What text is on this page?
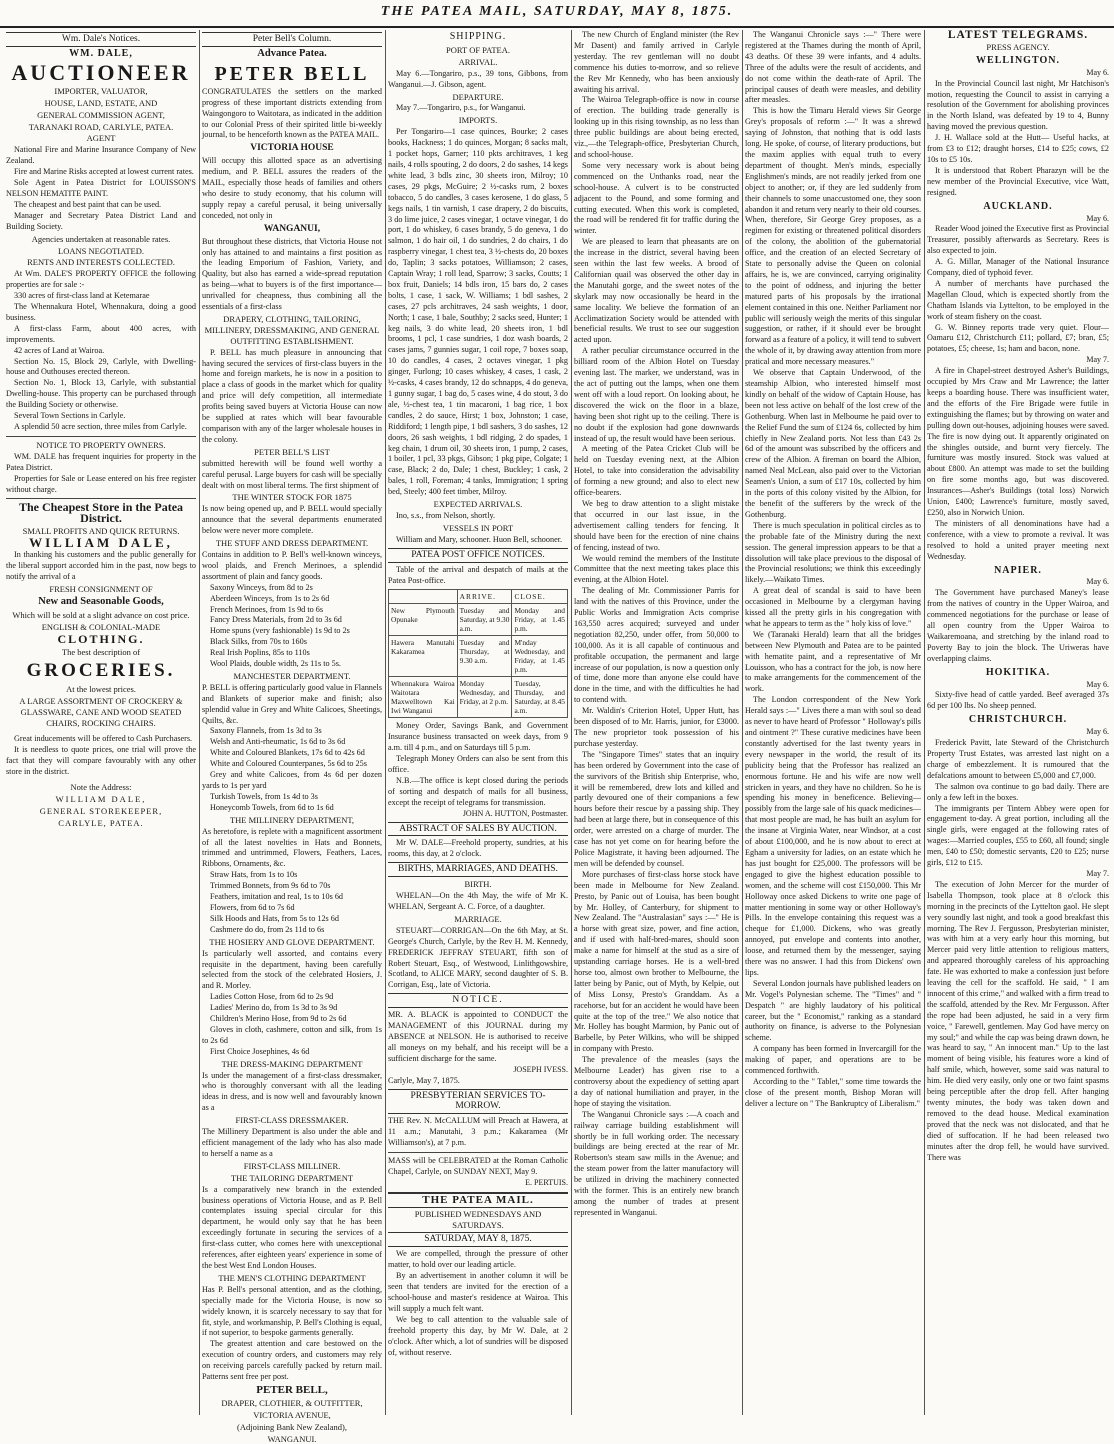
THE PATEA MAIL, SATURDAY, MAY 8, 1875.
Wm. Dale's Notices.
WM. DALE,
AUCTIONEER
IMPORTER, VALUATOR,
HOUSE, LAND, ESTATE, AND
GENERAL COMMISSION AGENT,
TARANAKI ROAD, CARLYLE, PATEA.
AGENT

National Fire and Marine Insurance Company of New Zealand.

Fire and Marine Risks accepted at lowest current rates.

Sole Agent in Patea District for LOUISSON'S NELSON HEMATITE PAINT.

The cheapest and best paint that can be used.

Manager and Secretary Patea District Land and Building Society.

Agencies undertaken at reasonable rates.
LOANS NEGOTIATED.
RENTS AND INTERESTS COLLECTED.

At Wm. DALE'S PROPERTY OFFICE the following properties are for sale :-

330 acres of first-class land at Ketemarae

The Whennakura Hotel, Whennakura, doing a good business.

A first-class Farm, about 400 acres, with improvements.

42 acres of Land at Wairoa.

Section No. 15, Block 29, Carlyle, with Dwelling-house and Outhouses erected thereon.

Section No. 1, Block 13, Carlyle, with substantial Dwelling-house. This property can be purchased through the Building Society or otherwise.

Several Town Sections in Carlyle.

A splendid 50 acre section, three miles from Carlyle.

NOTICE TO PROPERTY OWNERS.

WM. DALE has frequent inquiries for property in the Patea District.

Properties for Sale or Lease entered on his free register without charge.

The Cheapest Store in the Patea District.
SMALL PROFITS AND QUICK RETURNS.
WILLIAM DALE,

In thanking his customers and the public generally for the liberal support accorded him in the past, now begs to notify the arrival of a

FRESH CONSIGNMENT OF
New and Seasonable Goods,
Which will be sold at a slight advance on cost price.
ENGLISH & COLONIAL-MADE
CLOTHING.
The best description of
GROCERIES.
At the lowest prices.
A LARGE ASSORTMENT OF CROCKERY & GLASSWARE, CANE AND WOOD SEATED CHAIRS, ROCKING CHAIRS.

Great inducements will be offered to Cash Purchasers.

It is needless to quote prices, one trial will prove the fact that they will compare favourably with any other store in the district.

Note the Address:
WILLIAM DALE,
GENERAL STOREKEEPER,
CARLYLE, PATEA.
Peter Bell's Column.
Advance Patea.
PETER BELL

CONGRATULATES the settlers on the marked progress of these important districts extending from Waingongoro to Waitotara, as indicated in the addition to our Colonial Press of their spirited little bi-weekly journal, to be henceforth known as the PATEA MAIL.

VICTORIA HOUSE

Will occupy this allotted space as an advertising medium, and P. BELL assures the readers of the MAIL, especially those heads of families and others who desire to study economy, that his column will supply repay a careful perusal, it being universally conceded, not only in

WANGANUI,

But throughout these districts, that Victoria House not only has attained to and maintains a first position as the leading Emporium of Fashion, Variety, and Quality, but also has earned a wide-spread reputation as being—what to buyers is of the first importance—unrivalled for cheapness, thus combining all the essentials of a first-class

DRAPERY, CLOTHING, TAILORING, MILLINERY, DRESSMAKING, AND GENERAL OUTFITTING ESTABLISHMENT.

P. BELL has much pleasure in announcing that having secured the services of first-class buyers in the home and foreign markets, he is now in a position to place a class of goods in the market which for quality and price will defy competition, all intermediate profits being saved buyers at Victoria House can now be supplied at rates which will bear favourable comparison with any of the larger wholesale houses in the colony.

PETER BELL'S LIST

submitted herewith will be found well worthy a careful perusal. Large buyers for cash will be specially dealt with on most liberal terms. The first shipment of

THE WINTER STOCK FOR 1875

Is now being opened up, and P. BELL would specially announce that the several departments enumerated below were never more complete.

THE STUFF AND DRESS DEPARTMENT.

Contains in addition to P. Bell's well-known winceys, wool plaids, and French Merinoes, a splendid assortment of plain and fancy goods.

Saxony Winceys, from 8d to 2s

Aberdeen Winceys, from 1s to 2s 6d

French Merinoes, from 1s 9d to 6s

Fancy Dress Materials, from 2d to 3s 6d

Home spuns (very fashionable) 1s 9d to 2s

Black Silks, from 70s to 160s

Real Irish Poplins, 85s to 110s

Wool Plaids, double width, 2s 11s to 5s.

MANCHESTER DEPARTMENT.

P. BELL is offering particularly good value in Flannels and Blankets of superior make and finish; also splendid value in Grey and White Calicoes, Sheetings, Quilts, &c.

Saxony Flannels, from 1s 3d to 3s

Welsh and Anti-rheumatic, 1s 6d to 3s 6d

White and Coloured Blankets, 17s 6d to 42s 6d

White and Coloured Counterpanes, 5s 6d to 25s

Grey and white Calicoes, from 4s 6d per dozen yards to 1s per yard

Turkish Towels, from 1s 4d to 3s

Honeycomb Towels, from 6d to 1s 6d

THE MILLINERY DEPARTMENT,

As heretofore, is replete with a magnificent assortment of all the latest novelties in Hats and Bonnets, trimmed and untrimmed, Flowers, Feathers, Laces, Ribbons, Ornaments, &c.

Straw Hats, from 1s to 10s

Trimmed Bonnets, from 9s 6d to 70s

Feathers, imitation and real, 1s to 10s 6d

Flowers, from 6d to 7s 6d

Silk Hoods and Hats, from 5s to 12s 6d

Cashmere do do, from 2s 11d to 6s

THE HOSIERY AND GLOVE DEPARTMENT.

Is particularly well assorted, and contains every requisite in the department, having been carefully selected from the stock of the celebrated Hosiers, J. and R. Morley.

Ladies Cotton Hose, from 6d to 2s 9d

Ladies' Merino do, from 1s 3d to 3s 9d

Children's Merino Hose, from 9d to 2s 6d

Gloves in cloth, cashmere, cotton and silk, from 1s to 2s 6d

First Choice Josephines, 4s 6d

THE DRESS-MAKING DEPARTMENT

Is under the management of a first-class dressmaker, who is thoroughly conversant with all the leading ideas in dress, and is now well and favourably known as a

FIRST-CLASS DRESSMAKER.

The Millinery Department is also under the able and efficient management of the lady who has also made to herself a name as a

FIRST-CLASS MILLINER.
THE TAILORING DEPARTMENT

Is a comparatively new branch in the extended business operations of Victoria House, and as P. Bell contemplates issuing special circular for this department, he would only say that he has been exceedingly fortunate in securing the services of a first-class cutter, who comes here with unexceptional references, after eighteen years' experience in some of the best West End London Houses.

THE MEN'S CLOTHING DEPARTMENT

Has P. Bell's personal attention, and as the clothing, specially made for the Victoria House, is now so widely known, it is scarcely necessary to say that for fit, style, and workmanship, P. Bell's Clothing is equal, if not superior, to bespoke garments generally.

The greatest attention and care bestowed on the execution of country orders, and customers may rely on receiving parcels carefully packed by return mail. Patterns sent free per post.

PETER BELL,
DRAPER, CLOTHIER, & OUTFITTER,
VICTORIA AVENUE,
(Adjoining Bank New Zealand),
WANGANUI.
SHIPPING.
PORT OF PATEA.
ARRIVAL.

May 6.—Tongariro, p.s., 39 tons, Gibbons, from Wanganui.—J. Gibson, agent.

DEPARTURE.

May 7.—Tongariro, p.s., for Wanganui.

IMPORTS.

Per Tongariro—1 case quinces, Bourke; 2 cases books, Hackness; 1 do quinces, Morgan; 8 sacks malt, 1 pocket hops, Garner; 110 pkts architraves, 1 keg nails, 4 rolls spouting, 2 do doors, 2 do sashes, 14 kegs white lead, 3 bdls zinc, 30 sheets iron, Milroy; 10 cases, 29 pkgs, McGuire; 2 ½-casks rum, 2 boxes tobacco, 5 do candles, 3 cases kerosene, 1 do glass, 5 kegs nails, 1 tin varnish, 1 case drapery, 2 do biscuits, 3 do lime juice, 2 cases vinegar, 1 octave vinegar, 1 do port, 1 do whiskey, 6 cases brandy, 5 do geneva, 1 do salmon, 1 do hair oil, 1 do sundries, 2 do chairs, 1 do raspberry vinegar, 1 chest tea, 3 ½-chests do, 20 boxes do, Taplin; 3 sacks potatoes, Williamson; 2 cases, Captain Wray; 1 roll lead, Sparrow; 3 sacks, Coutts; 1 box fruit, Daniels; 14 bdls iron, 15 bars do, 2 cases bolts, 1 case, 1 sack, W. Williams; 1 bdl sashes, 2 cases, 27 pcls architraves, 24 sash weights, 1 door, North; 1 case, 1 bale, Southby; 2 sacks seed, Hunter; 1 keg nails, 3 do white lead, 20 sheets iron, 1 bdl brooms, 1 pcl, 1 case sundries, 1 doz wash boards, 2 cases jams, 7 gunnies sugar, 1 coil rope, 7 boxes soap, 10 do candles, 4 cases, 2 octaves vinegar, 1 pkg ginger, Furlong; 10 cases whiskey, 4 cases, 1 cask, 2 ½-casks, 4 cases brandy, 12 do schnapps, 4 do geneva, 1 gunny sugar, 1 bag do, 5 cases wine, 4 do stout, 3 do ale, ½-chest tea, 1 tin macaroni, 1 bag rice, 1 box candles, 2 do sauce, Hirst; 1 box, Johnston; 1 case, Riddiford; 1 length pipe, 1 bdl sashers, 3 do sashes, 12 doors, 26 sash weights, 1 bdl ridging, 2 do spades, 1 keg chain, 1 drum oil, 30 sheets iron, 1 pump, 2 cases, 1 boiler, 1 pcl, 33 pkgs, Gibson; 1 pkg pipe, Colgate; 1 case, Black; 2 do, Dale; 1 chest, Buckley; 1 cask, 2 bales, 1 roll, Foreman; 4 tanks, Immigration; 1 spring bed, Steely; 400 feet timber, Milroy.

EXPECTED ARRIVALS.

Ino, s.s., from Nelson, shortly.

VESSELS IN PORT

William and Mary, schooner. Huon Bell, schooner.

PATEA POST OFFICE NOTICES.

Table of the arrival and despatch of mails at the Patea Post-office.

	ARRIVE.	CLOSE.
New Plymouth Opunake	Tuesday and Saturday, at 9.30 a.m.	Monday and Friday, at 1.45 p.m.
Hawera Manutahi Kakaramea	Tuesday and Thursday, at 9.30 a.m.	M'nday Wednesday, and Friday, at 1.45 p.m.
Whennakura Wairoa Waitotara Maxwelltown Kai Iwi Wanganui	Monday Wednesday, and Friday, at 2 p.m.	Tuesday, Thursday, and Saturday, at 8.45 a.m.

Money Order, Savings Bank, and Government Insurance business transacted on week days, from 9 a.m. till 4 p.m., and on Saturdays till 5 p.m.

Telegraph Money Orders can also be sent from this office.

N.B.—The office is kept closed during the periods of sorting and despatch of mails for all business, except the receipt of telegrams for transmission.

JOHN A. HUTTON, Postmaster.
ABSTRACT OF SALES BY AUCTION.

Mr W. DALE—Freehold property, sundries, at his rooms, this day, at 2 o'clock.

BIRTHS, MARRIAGES, AND DEATHS.
BIRTH.

WHELAN—On the 4th May, the wife of Mr K. WHELAN, Sergeant A. C. Force, of a daughter.

MARRIAGE.

STEUART—CORRIGAN—On the 6th May, at St. George's Church, Carlyle, by the Rev H. M. Kennedy, FREDERICK JEFFRAY STEUART, fifth son of Robert Steuart, Esq., of Westwood, Linlithgowshire, Scotland, to ALICE MARY, second daughter of S. B. Corrigan, Esq., late of Victoria.

NOTICE.

MR. A. BLACK is appointed to CONDUCT the MANAGEMENT of this JOURNAL during my ABSENCE at NELSON. He is authorised to receive all moneys on my behalf, and his receipt will be a sufficient discharge for the same.

JOSEPH IVESS.

Carlyle, May 7, 1875.

PRESBYTERIAN SERVICES TO-MORROW.

THE Rev. N. McCALLUM will Preach at Hawera, at 11 a.m.; Manutahi, 3 p.m.; Kakaramea (Mr Williamson's), at 7 p.m.

MASS will be CELEBRATED at the Roman Catholic Chapel, Carlyle, on SUNDAY NEXT, May 9.

E. PERTUIS.
THE PATEA MAIL.
PUBLISHED WEDNESDAYS AND SATURDAYS.
SATURDAY, MAY 8, 1875.

We are compelled, through the pressure of other matter, to hold over our leading article.

By an advertisement in another column it will be seen that tenders are invited for the erection of a school-house and master's residence at Wairoa. This will supply a much felt want.

We beg to call attention to the valuable sale of freehold property this day, by Mr W. Dale, at 2 o'clock. After which, a lot of sundries will be disposed of, without reserve.

The new Church of England minister (the Rev Mr Dasent) and family arrived in Carlyle yesterday. The rev gentleman will no doubt commence his duties to-morrow, and so relieve the Rev Mr Kennedy, who has been anxiously awaiting his arrival.

The Wairoa Telegraph-office is now in course of erection. The building trade generally is looking up in this rising township, as no less than three public buildings are about being erected, viz.,—the Telegraph-office, Presbyterian Church, and school-house.

Some very necessary work is about being commenced on the Unthanks road, near the school-house. A culvert is to be constructed adjacent to the Pound, and some forming and cutting executed. When this work is completed, the road will be rendered fit for traffic during the winter.

We are pleased to learn that pheasants are on the increase in the district, several having been seen within the last few weeks. A brood of Californian quail was observed the other day in the Manutahi gorge, and the sweet notes of the skylark may now occasionally be heard in the same locality. We believe the formation of an Acclimatization Society would be attended with beneficial results. We trust to see our suggestion acted upon.

A rather peculiar circumstance occurred in the billiard room of the Albion Hotel on Tuesday evening last. The marker, we understand, was in the act of putting out the lamps, when one them went off with a loud report. On looking about, he discovered the wick on the floor in a blaze, having been shot right up to the ceiling. There is no doubt if the explosion had gone downwards instead of up, the result would have been serious.

A meeting of the Patea Cricket Club will be held on Tuesday evening next, at the Albion Hotel, to take into consideration the advisability of forming a new ground; and also to elect new office-bearers.

We beg to draw attention to a slight mistake that occurred in our last issue, in the advertisement calling tenders for fencing. It should have been for the erection of nine chains of fencing, instead of two.

We would remind the members of the Institute Committee that the next meeting takes place this evening, at the Albion Hotel.

The dealing of Mr. Commissioner Parris for land with the natives of this Province, under the Public Works and Immigration Acts comprise 163,550 acres acquired; surveyed and under negotiation 82,250, under offer, from 50,000 to 100,000. As it is all capable of continuous and profitable occupation, the permanent and large increase of our population, is now a question only of time, done more than anyone else could have done in the time, and with the difficulties he had to contend with.

Mr. Waldin's Criterion Hotel, Upper Hutt, has been disposed of to Mr. Harris, junior, for £3000. The new proprietor took possession of his purchase yesterday.

The "Singapore Times" states that an inquiry has been ordered by Government into the case of the survivors of the British ship Enterprise, who, it will be remembered, drew lots and killed and partly devoured one of their companions a few hours before their rescue by a passing ship. They had been at large there, but in consequence of this order, were arrested on a charge of murder. The case has not yet come on for hearing before the Police Magistrate, it having been adjourned. The men will be defended by counsel.

More purchases of first-class horse stock have been made in Melbourne for New Zealand. Presto, by Panic out of Louisa, has been bought by Mr. Holley, of Canterbury, for shipment to New Zealand. The "Australasian" says :—" He is a horse with great size, power, and fine action, and if used with half-bred-mares, should soon make a name for himself at the stud as a sire of upstanding carriage horses. He is a well-bred horse too, almost own brother to Melbourne, the latter being by Panic, out of Myth, by Kelpie, out of Miss Lonsy, Presto's Granddam. As a racehorse, but for an accident he would have been quite at the top of the tree." We also notice that Mr. Holley has bought Marmion, by Panic out of Barbelle, by Peter Wilkins, who will be shipped in company with Presto.

The prevalence of the measles (says the Melbourne Leader) has given rise to a controversy about the expediency of setting apart a day of national humiliation and prayer, in the hope of staying the visitation.

The Wanganui Chronicle says :—A coach and railway carriage building establishment will shortly be in full working order. The necessary buildings are being erected at the rear of Mr. Robertson's steam saw mills in the Avenue; and the steam power from the latter manufactory will be utilized in driving the machinery connected with the former. This is an entirely new branch among the number of trades at present represented in Wanganui.

The Wanganui Chronicle says :—" There were registered at the Thames during the month of April, 43 deaths. Of these 39 were infants, and 4 adults. Three of the adults were the result of accidents, and do not come within the death-rate of April. The principal causes of death were measles, and debility after measles.

This is how the Timaru Herald views Sir George Grey's proposals of reform :—" It was a shrewd saying of Johnston, that nothing that is odd lasts long. He spoke, of course, of literary productions, but the maxim applies with equal truth to every department of thought. Men's minds, especially Englishmen's minds, are not readily jerked from one object to another; or, if they are led suddenly from their channels to some unaccustomed one, they soon abandon it and return very nearly to their old courses. When, therefore, Sir George Grey proposes, as a regimen for existing or threatened political disorders of the colony, the abolition of the gubernatorial office, and the creation of an elected Secretary of State to personally advise the Queen on colonial affairs, he is, we are convinced, carrying originality to the point of oddness, and injuring the better matured parts of his proposals by the irrational element contained in this one. Neither Parliament nor public will seriously weigh the merits of this singular suggestion, or rather, if it should ever be brought forward as a feature of a policy, it will tend to subvert the whole of it, by drawing away attention from more pratical and more necessary measures."

We observe that Captain Underwood, of the steamship Albion, who interested himself most kindly on behalf of the widow of Captain House, has been not less active on behalf of the lost crew of the Gothenburg. When last in Melbourne he paid over to the Relief Fund the sum of £124 6s, collected by him chiefly in New Zealand ports. Not less than £43 2s 6d of the amount was subscribed by the officers and crew of the Albion. A fireman on board the Albion, named Neal McLean, also paid over to the Victorian Seamen's Union, a sum of £17 10s, collected by him in the ports of this colony visited by the Albion, for the benefit of the sufferers by the wreck of the Gothenburg.

There is much speculation in political circles as to the probable fate of the Ministry during the next session. The general impression appears to be that a dissolution will take place previous to the disposal of the Provincial resolutions; we think this exceedingly likely.—Waikato Times.

A great deal of scandal is said to have been occasioned in Melbourne by a clergyman having kissed all the pretty girls in his congregation with what he appears to term as the " holy kiss of love."

We (Taranaki Herald) learn that all the bridges between New Plymouth and Patea are to be painted with hematite paint, and a representative of Mr Louisson, who has a contract for the job, is now here to make arrangements for the commencement of the work.

The London correspondent of the New York Herald says :—" Lives there a man with soul so dead as never to have heard of Professor " Holloway's pills and ointment ?" These curative medicines have been constantly advertised for the last twenty years in every newspaper in the world, the result of its publicity being that the Professor has realized an enormous fortune. He and his wife are now well stricken in years, and they have no children. So he is spending his money in beneficence. Believing—possibly from the large sale of his quack medicines—that most people are mad, he has built an asylum for the insane at Virginia Water, near Windsor, at a cost of about £100,000, and he is now about to erect at Egham a university for ladies, on an estate which he has just bought for £25,000. The professors will be engaged to give the highest education possible to women, and the scheme will cost £150,000. This Mr Holloway once asked Dickens to write one page of matter mentioning in some way or other Holloway's Pills. In the envelope containing this request was a cheque for £1,000. Dickens, who was greatly annoyed, put envelope and contents into another, loose, and returned them by the messenger, saying there was no answer. I had this from Dickens' own lips.

Several London journals have published leaders on Mr. Vogel's Polynesian scheme. The "Times" and " Despatch " are highly laudatory of his political career, but the " Economist," ranking as a standard authority on finance, is adverse to the Polynesian scheme.

A company has been formed in Invercargill for the making of paper, and operations are to be commenced forthwith.

According to the " Tablet," some time towards the close of the present month, Bishop Moran will deliver a lecture on " The Bankruptcy of Liberalism."

LATEST TELEGRAMS.
PRESS AGENCY.
WELLINGTON.
May 6.

In the Provincial Council last night, Mr Hatchison's motion, requesting the Council to assist in carrying a resolution of the Government for abolishing provinces in the North Island, was defeated by 19 to 4, Bunny having moved the previous question.

J. H. Wallace sold at the Hutt— Useful hacks, at from £3 to £12; draught horses, £14 to £25; cows, £2 10s to £5 10s.

It is understood that Robert Pharazyn will be the new member of the Provincial Executive, vice Watt, resigned.

AUCKLAND.
May 6.

Reader Wood joined the Executive first as Provincial Treasurer, possibly afterwards as Secretary. Rees is also expected to join.

A. G. Millar, Manager of the National Insurance Company, died of typhoid fever.

A number of merchants have purchased the Magellan Cloud, which is expected shortly from the Chatham Islands via Lyttelton, to be employed in the work of steam fishery on the coast.

G. W. Binney reports trade very quiet. Flour—Oamaru £12, Christchurch £11; pollard, £7; bran, £5; potatoes, £5; cheese, 1s; ham and bacon, none.

May 7.

A fire in Chapel-street destroyed Asher's Buildings, occupied by Mrs Craw and Mr Lawrence; the latter keeps a boarding house. There was insufficient water, and the efforts of the Fire Brigade were futile in extinguishing the flames; but by throwing on water and pulling down out-houses, adjoining houses were saved. The fire is now dying out. It apparently originated on the shingles outside, and burnt very fiercely. The furniture was mostly insured. Stock was valued at about £800. An attempt was made to set the building on fire some months ago, but was discovered. Insurances—Asher's Buildings (total loss) Norwich Union, £400; Lawrence's furniture, mostly saved, £250, also in Norwich Union.

The ministers of all denominations have had a conference, with a view to promote a revival. It was resolved to hold a united prayer meeting next Wednesday.

NAPIER.
May 6.

The Government have purchased Maney's lease from the natives of country in the Upper Wairoa, and commenced negotiations for the purchase or lease of all open country from the Upper Wairoa to Waikaremoana, and stretching by the inland road to Poverty Bay to join the block. The Uriweras have overlapping claims.

HOKITIKA.
May 6.

Sixty-five head of cattle yarded. Beef averaged 37s 6d per 100 lbs. No sheep penned.

CHRISTCHURCH.
May 6.

Frederick Pavitt, late Steward of the Christchurch Property Trust Estates, was arrested last night on a charge of embezzlement. It is rumoured that the defalcations amount to between £5,000 and £7,000.

The salmon ova continue to go bad daily. There are only a few left in the boxes.

The immigrants per Tintern Abbey were open for engagement to-day. A great portion, including all the single girls, were engaged at the following rates of wages:—Married couples, £55 to £60, all found; single men, £40 to £50; domestic servants, £20 to £25; nurse girls, £12 to £15.

May 7.

The execution of John Mercer for the murder of Isabella Thompson, took place at 8 o'clock this morning in the precincts of the Lyttelton gaol. He slept very soundly last night, and took a good breakfast this morning. The Rev J. Fergusson, Presbyterian minister, was with him at a very early hour this morning, but Mercer paid very little attention to religious matters, and appeared thoroughly careless of his approaching fate. He was exhorted to make a confession just before leaving the cell for the scaffold. He said, " I am innocent of this crime," and walked with a firm tread to the scaffold, attended by the Rev. Mr Fergusson. After the rope had been adjusted, he said in a very firm voice, " Farewell, gentlemen. May God have mercy on my soul;" and while the cap was being drawn down, he was heard to say, " An innocent man." Up to the last moment of being visible, his features wore a kind of half smile, which, however, some said was natural to him. He died very easily, only one or two faint spasms being perceptible after the drop fell. After hanging twenty minutes, the body was taken down and removed to the dead house. Medical examination proved that the neck was not dislocated, and that he died of suffocation. If he had been released two minutes after the drop fell, he would have survived. There was
